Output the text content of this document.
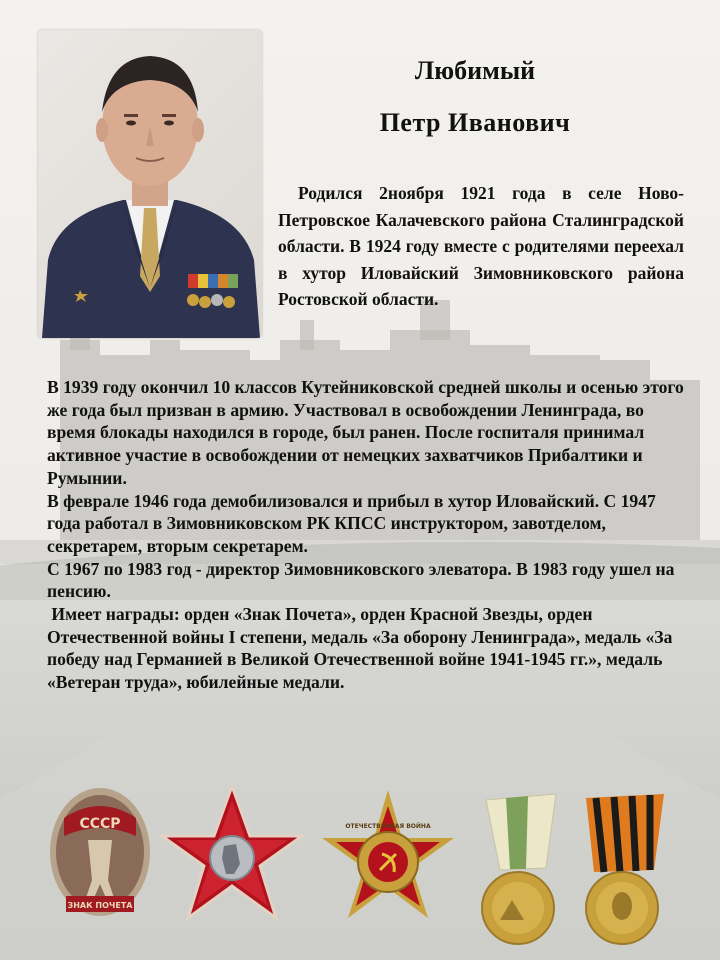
Любимый
Петр Иванович

Родился 2ноября 1921 года в селе Ново-Петровское Калачевского района Сталинградской области. В 1924 году вместе с родителями переехал в хутор Иловайский Зимовниковского района Ростовской области.

В 1939 году окончил 10 классов Кутейниковской средней школы и осенью этого же года был призван в армию. Участвовал в освобождении Ленинграда, во время блокады находился в городе, был ранен. После госпиталя принимал активное участие в освобождении от немецких захватчиков Прибалтики и Румынии.

В феврале 1946 года демобилизовался и прибыл в хутор Иловайский. С 1947 года работал в Зимовниковском РК КПСС инструктором, завотделом, секретарем, вторым секретарем.

С 1967 по 1983 год - директор Зимовниковского элеватора. В 1983 году ушел на пенсию.

Имеет награды: орден «Знак Почета», орден Красной Звезды, орден Отечественной войны I степени, медаль «За оборону Ленинграда», медаль «За победу над Германией в Великой Отечественной войне 1941-1945 гг.», медаль «Ветеран труда», юбилейные медали.

СССР
ЗНАК ПОЧЕТА
ОТЕЧЕСТВЕННАЯ ВОЙНА
